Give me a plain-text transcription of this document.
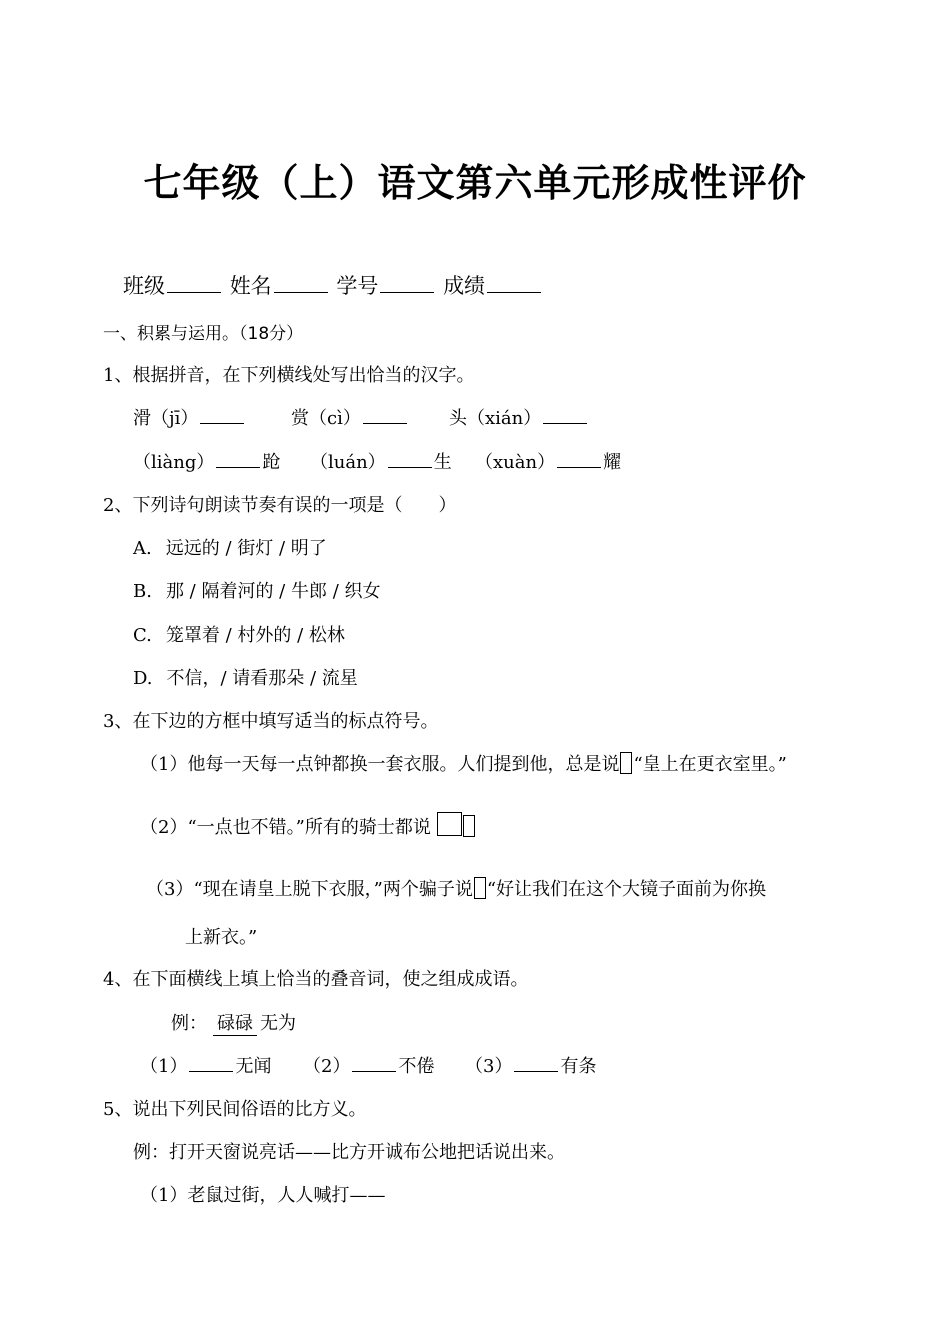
七年级（上）语文第六单元形成性评价
班级	姓名	学号	成绩
一、积累与运用。（18分）
1、根据拼音，在下列横线处写出恰当的汉字。
滑（jī）	赏（cì）	头（xián）
（liàng）	跄 （luán）	生 （xuàn）	耀
2、下列诗句朗读节奏有误的一项是（　　）
A. 远远的 / 街灯 / 明了
B. 那 / 隔着河的 / 牛郎 / 织女
C. 笼罩着 / 村外的 / 松林
D. 不信，/ 请看那朵 / 流星
3、在下边的方框中填写适当的标点符号。
（1）他每一天每一点钟都换一套衣服。人们提到他，总是说 “皇上在更衣室里。”
（2）“一点也不错。”所有的骑士都说
（3）“现在请皇上脱下衣服，”两个骗子说 “好让我们在这个大镜子面前为你换
上新衣。”
4、在下面横线上填上恰当的叠音词，使之组成成语。
例： 碌碌 无为
（1）	无闻 （2）	不倦 （3）	有条
5、说出下列民间俗语的比方义。
例：打开天窗说亮话——比方开诚布公地把话说出来。
（1）老鼠过街，人人喊打——
